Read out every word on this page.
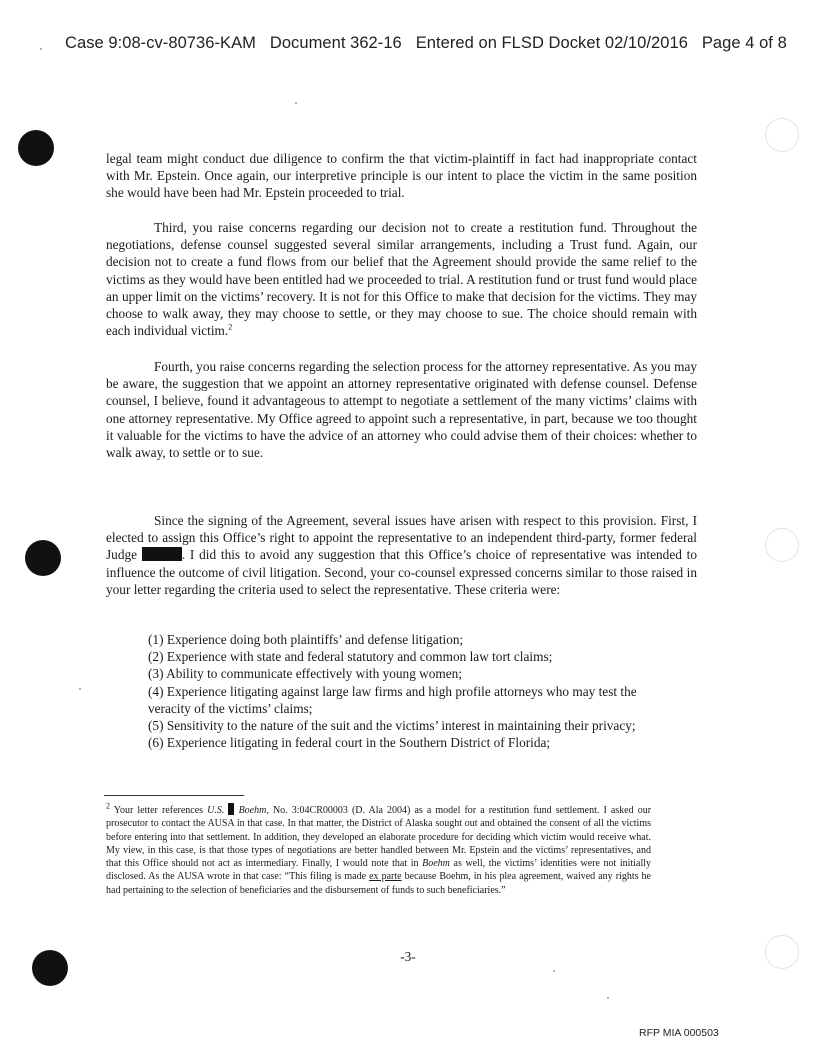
Case 9:08-cv-80736-KAM Document 362-16 Entered on FLSD Docket 02/10/2016 Page 4 of 8

legal team might conduct due diligence to confirm the that victim-plaintiff in fact had inappropriate contact with Mr. Epstein. Once again, our interpretive principle is our intent to place the victim in the same position she would have been had Mr. Epstein proceeded to trial.

Third, you raise concerns regarding our decision not to create a restitution fund. Throughout the negotiations, defense counsel suggested several similar arrangements, including a Trust fund. Again, our decision not to create a fund flows from our belief that the Agreement should provide the same relief to the victims as they would have been entitled had we proceeded to trial. A restitution fund or trust fund would place an upper limit on the victims’ recovery. It is not for this Office to make that decision for the victims. They may choose to walk away, they may choose to settle, or they may choose to sue. The choice should remain with each individual victim.$^2$

Fourth, you raise concerns regarding the selection process for the attorney representative. As you may be aware, the suggestion that we appoint an attorney representative originated with defense counsel. Defense counsel, I believe, found it advantageous to attempt to negotiate a settlement of the many victims’ claims with one attorney representative. My Office agreed to appoint such a representative, in part, because we too thought it valuable for the victims to have the advice of an attorney who could advise them of their choices: whether to walk away, to settle or to sue.

Since the signing of the Agreement, several issues have arisen with respect to this provision. First, I elected to assign this Office’s right to appoint the representative to an independent third-party, former federal Judge	. I did this to avoid any suggestion that this Office’s choice of representative was intended to influence the outcome of civil litigation. Second, your co-counsel expressed concerns similar to those raised in your letter regarding the criteria used to select the representative. These criteria were:

(1) Experience doing both plaintiffs’ and defense litigation;
(2) Experience with state and federal statutory and common law tort claims;
(3) Ability to communicate effectively with young women;
(4) Experience litigating against large law firms and high profile attorneys who may test the veracity of the victims’ claims;
(5) Sensitivity to the nature of the suit and the victims’ interest in maintaining their privacy;
(6) Experience litigating in federal court in the Southern District of Florida;
$^2$ Your letter references U.S. Boehm, No. 3:04CR00003 (D. Ala 2004) as a model for a restitution fund settlement. I asked our prosecutor to contact the AUSA in that case. In that matter, the District of Alaska sought out and obtained the consent of all the victims before entering into that settlement. In addition, they developed an elaborate procedure for deciding which victim would receive what. My view, in this case, is that those types of negotiations are better handled between Mr. Epstein and the victims’ representatives, and that this Office should not act as intermediary. Finally, I would note that in Boehm as well, the victims’ identities were not initially disclosed. As the AUSA wrote in that case: “This filing is made ex parte because Boehm, in his plea agreement, waived any rights he had pertaining to the selection of beneficiaries and the disbursement of funds to such beneficiaries.”
-3-
RFP MIA 000503
